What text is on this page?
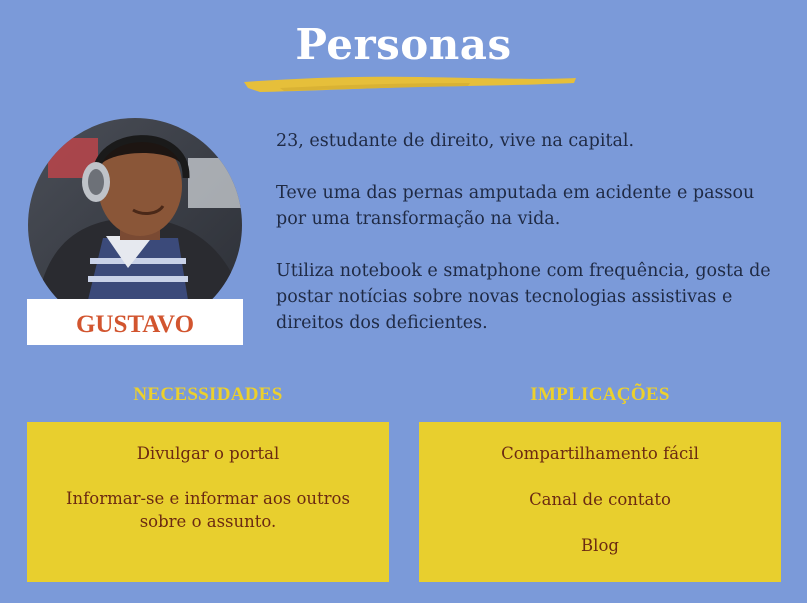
Personas
GUSTAVO

23, estudante de direito, vive na capital.

Teve uma das pernas amputada em acidente e passou por uma transformação na vida.

Utiliza notebook e smatphone com frequência, gosta de postar notícias sobre novas tecnologias assistivas e direitos dos deficientes.

NECESSIDADES	IMPLICAÇÕES

Divulgar o portal

Informar-se e informar aos outros sobre o assunto.

Compartilhamento fácil

Canal de contato

Blog
